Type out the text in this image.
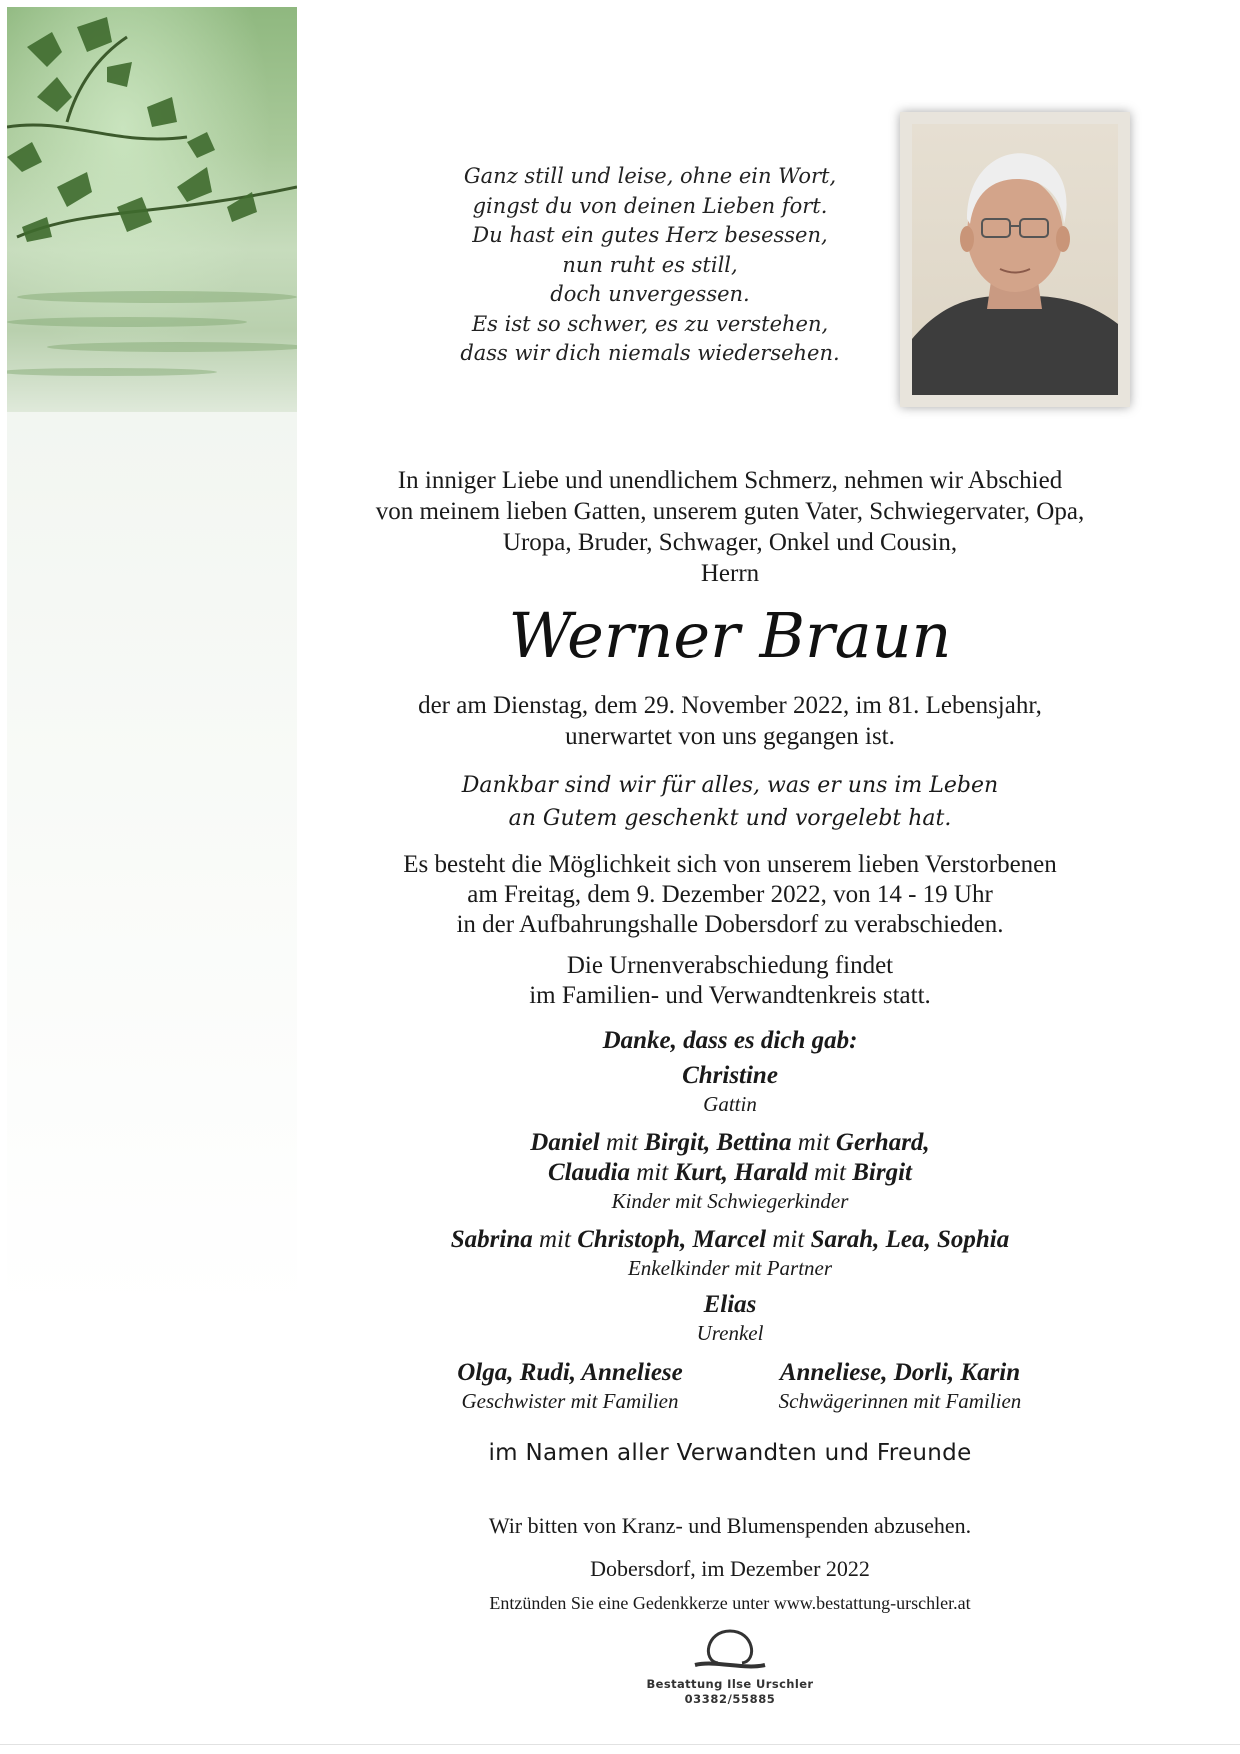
Ganz still und leise, ohne ein Wort,
gingst du von deinen Lieben fort.
Du hast ein gutes Herz besessen,
nun ruht es still,
doch unvergessen.
Es ist so schwer, es zu verstehen,
dass wir dich niemals wiedersehen.
In inniger Liebe und unendlichem Schmerz, nehmen wir Abschied
von meinem lieben Gatten, unserem guten Vater, Schwiegervater, Opa,
Uropa, Bruder, Schwager, Onkel und Cousin,
Herrn
Werner Braun
der am Dienstag, dem 29. November 2022, im 81. Lebensjahr,
unerwartet von uns gegangen ist.
Dankbar sind wir für alles, was er uns im Leben
an Gutem geschenkt und vorgelebt hat.
Es besteht die Möglichkeit sich von unserem lieben Verstorbenen
am Freitag, dem 9. Dezember 2022, von 14 - 19 Uhr
in der Aufbahrungshalle Dobersdorf zu verabschieden.
Die Urnenverabschiedung findet
im Familien- und Verwandtenkreis statt.
Danke, dass es dich gab:
Christine
Gattin
Daniel mit Birgit, Bettina mit Gerhard,
Claudia mit Kurt, Harald mit Birgit
Kinder mit Schwiegerkinder
Sabrina mit Christoph, Marcel mit Sarah, Lea, Sophia
Enkelkinder mit Partner
Elias
Urenkel
Olga, Rudi, Anneliese
Geschwister mit Familien
Anneliese, Dorli, Karin
Schwägerinnen mit Familien
im Namen aller Verwandten und Freunde
Wir bitten von Kranz- und Blumenspenden abzusehen.
Dobersdorf, im Dezember 2022
Entzünden Sie eine Gedenkkerze unter www.bestattung-urschler.at
Bestattung Ilse Urschler
03382/55885
